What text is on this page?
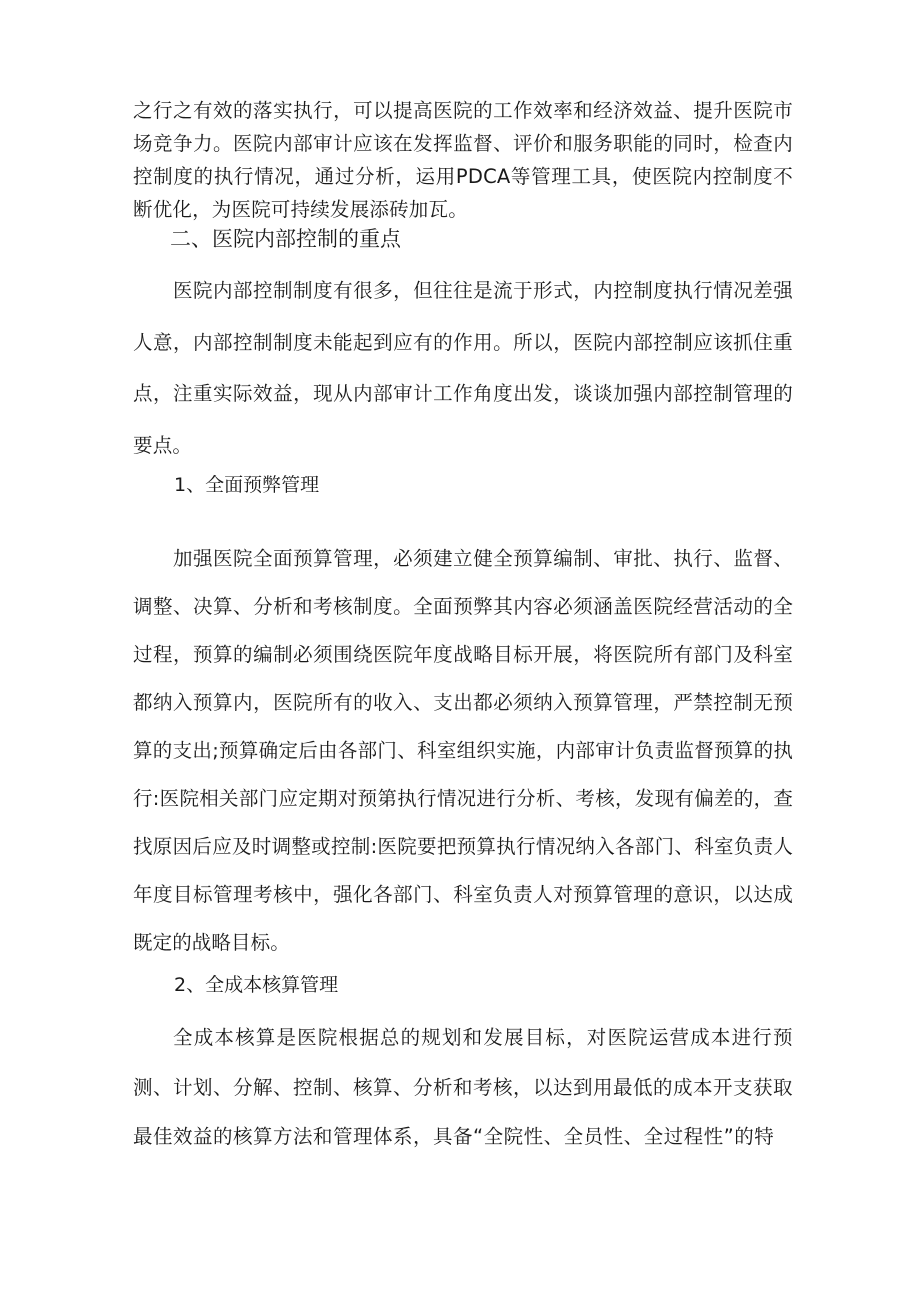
之行之有效的落实执行，可以提高医院的工作效率和经济效益、提升医院市场竞争力。医院内部审计应该在发挥监督、评价和服务职能的同时，检查内控制度的执行情况，通过分析，运用PDCA等管理工具，使医院内控制度不断优化，为医院可持续发展添砖加瓦。

二、医院内部控制的重点

医院内部控制制度有很多，但往往是流于形式，内控制度执行情况差强人意，内部控制制度未能起到应有的作用。所以，医院内部控制应该抓住重点，注重实际效益，现从内部审计工作角度出发，谈谈加强内部控制管理的要点。

1、全面预弊管理

加强医院全面预算管理，必须建立健全预算编制、审批、执行、监督、调整、决算、分析和考核制度。全面预弊其内容必须涵盖医院经营活动的全过程，预算的编制必须围绕医院年度战略目标开展，将医院所有部门及科室都纳入预算内，医院所有的收入、支出都必须纳入预算管理，严禁控制无预算的支出;预算确定后由各部门、科室组织实施，内部审计负责监督预算的执行:医院相关部门应定期对预第执行情况进行分析、考核，发现有偏差的，查找原因后应及时调整或控制:医院要把预算执行情况纳入各部门、科室负责人年度目标管理考核中，强化各部门、科室负责人对预算管理的意识，以达成既定的战略目标。

2、全成本核算管理

全成本核算是医院根据总的规划和发展目标，对医院运营成本进行预测、计划、分解、控制、核算、分析和考核，以达到用最低的成本开支获取最佳效益的核算方法和管理体系，具备“全院性、全员性、全过程性”的特
